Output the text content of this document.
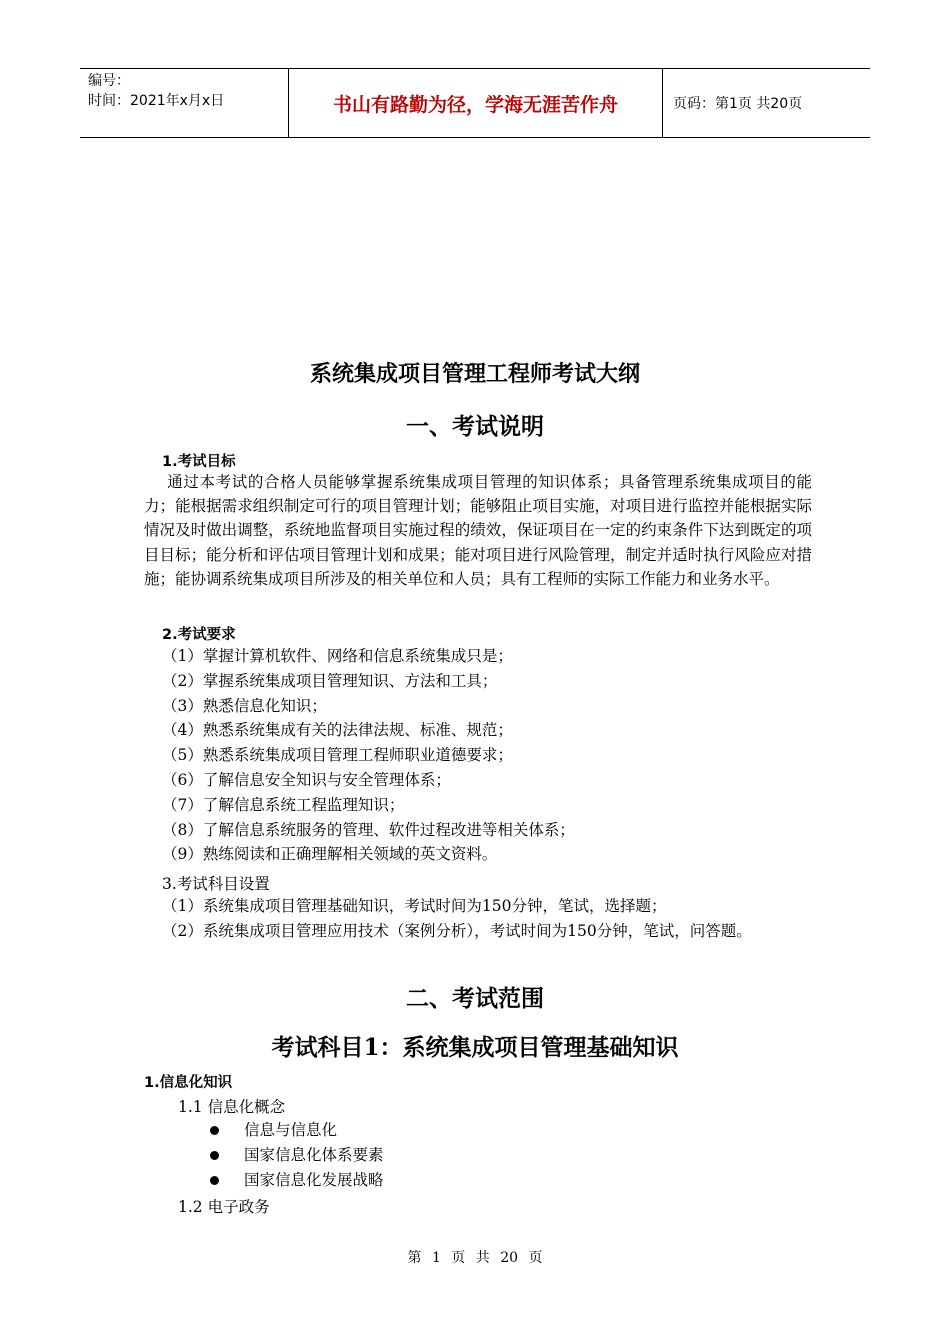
编号：
时间：2021年x月x日	书山有路勤为径，学海无涯苦作舟	页码：第1页 共20页
系统集成项目管理工程师考试大纲
一、考试说明
1.考试目标
通过本考试的合格人员能够掌握系统集成项目管理的知识体系；具备管理系统集成项目的能力；能根据需求组织制定可行的项目管理计划；能够阻止项目实施，对项目进行监控并能根据实际情况及时做出调整，系统地监督项目实施过程的绩效，保证项目在一定的约束条件下达到既定的项目目标；能分析和评估项目管理计划和成果；能对项目进行风险管理，制定并适时执行风险应对措施；能协调系统集成项目所涉及的相关单位和人员；具有工程师的实际工作能力和业务水平。
2.考试要求
（1）掌握计算机软件、网络和信息系统集成只是；
（2）掌握系统集成项目管理知识、方法和工具；
（3）熟悉信息化知识；
（4）熟悉系统集成有关的法律法规、标准、规范；
（5）熟悉系统集成项目管理工程师职业道德要求；
（6）了解信息安全知识与安全管理体系；
（7）了解信息系统工程监理知识；
（8）了解信息系统服务的管理、软件过程改进等相关体系；
（9）熟练阅读和正确理解相关领域的英文资料。
3.考试科目设置
（1）系统集成项目管理基础知识，考试时间为150分钟，笔试，选择题；
（2）系统集成项目管理应用技术（案例分析），考试时间为150分钟，笔试，问答题。
二、考试范围
考试科目1：系统集成项目管理基础知识
1.信息化知识
1.1 信息化概念
信息与信息化
国家信息化体系要素
国家信息化发展战略
1.2 电子政务
第 1 页 共 20 页
